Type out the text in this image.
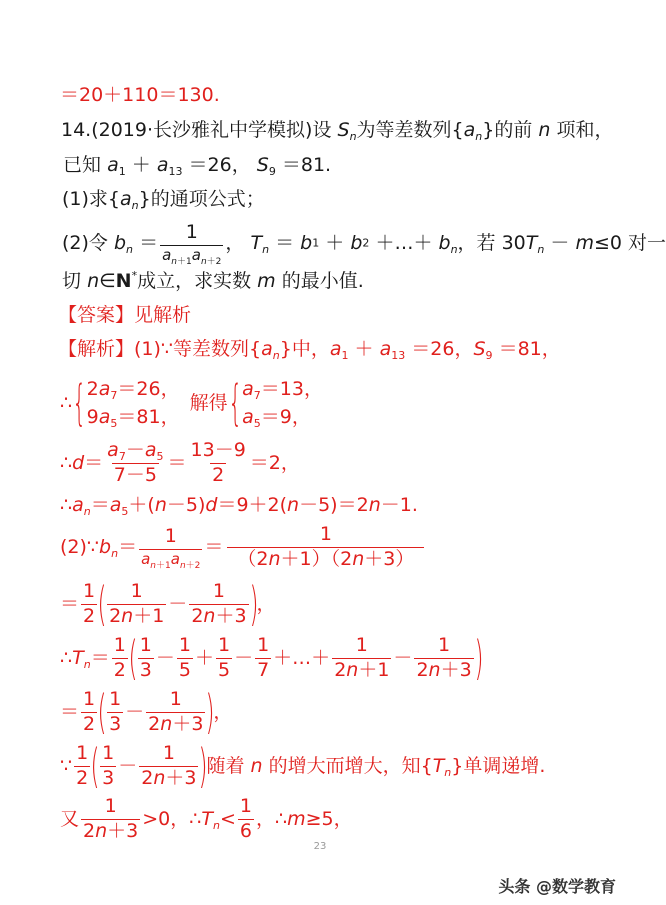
＝20＋110＝130.
14.(2019·长沙雅礼中学模拟)设 $S_n$为等差数列$\{a_n\}$的前 n 项和，
已知 $a_1 + a_{13} =26$， $S_9 =81$.
(1)求$\{a_n\}$的通项公式；
(2)令 $b_n = \frac{1}{a_{n+1}a_{n+2}}$ ， $T_n = b1 + b2$ ＋…＋ $b_n$，若 $30T_n - m\le 0$ 对一
切 n∈N*成立，求实数 m 的最小值.
【答案】见解析
【解析】(1)∵等差数列$\{a_n\}$中，$a_1 + a_{13} =26$，$S_9 =81$，
∴{ $2a_7=26$，
$9a_5=81$，
解得{ $a_7=13$，
$a_5=9$，
∴d＝ $\frac{a_7-a_5}{7-5} = \frac{13-9}{2} =2$，
$\therefore a_n=a_5+(n-5)d=9+2(n-5)=2n-1$.
$(2)\because b_n= \frac{1}{a_{n+1}a_{n+2}} = \frac{1}{(2n+1)(2n+3)}$
＝ $\frac{1}{2}$ ( $\frac{1}{2n+1} - \frac{1}{2n+3}$ )，
$\therefore T_n= \frac{1}{2}$ ( $\frac{1}{3} - \frac{1}{5} + \frac{1}{5} - \frac{1}{7}$ ＋…＋ $\frac{1}{2n+1} - \frac{1}{2n+3}$ )
＝ $\frac{1}{2}$ ( $\frac{1}{3} - \frac{1}{2n+3}$ )，
∵ $\frac{1}{2}$ ( $\frac{1}{3} - \frac{1}{2n+3}$ )随着 n 的增大而增大，知$\{T_n\}$单调递增.
又 $\frac{1}{2n+3} >0$，$\therefore T_n< \frac{1}{6}$ ，∴m≥5，
23
头条 @数学教育
